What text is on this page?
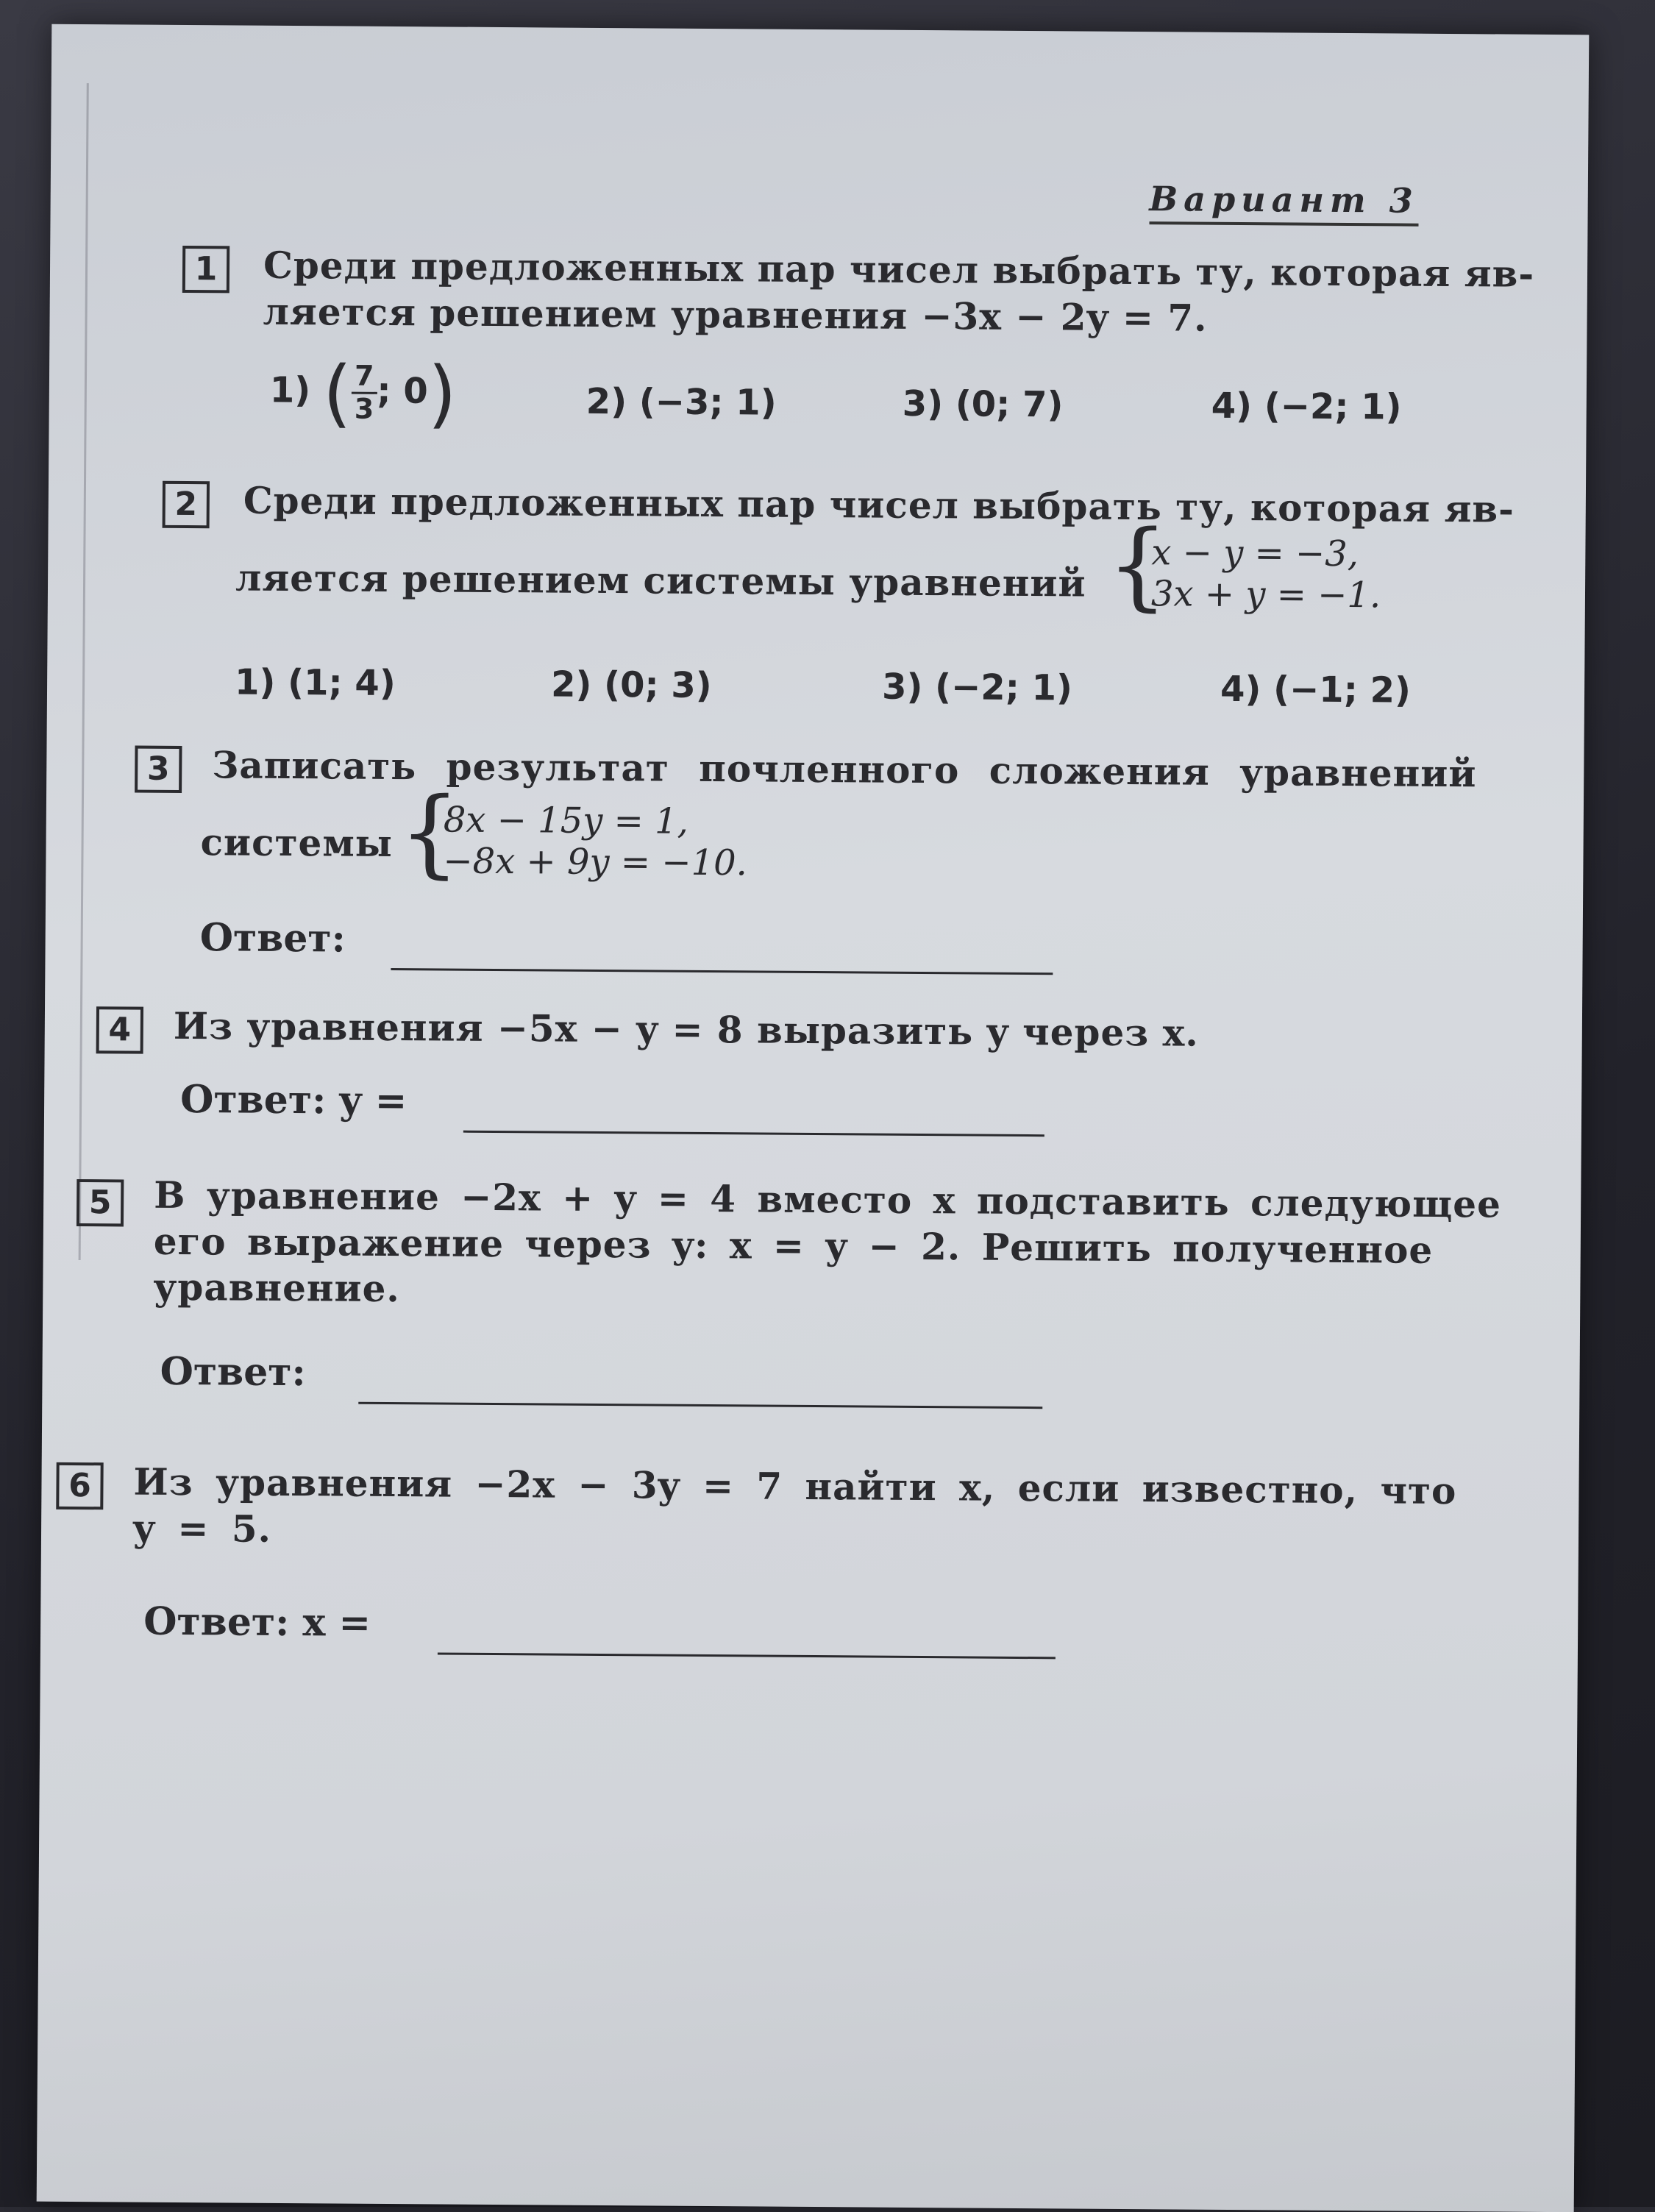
Вариант 3
1	Среди предложенных пар чисел выбрать ту, которая яв-
ляется решением уравнения −3x − 2y = 7.
1) ( $\frac{7}{3}$ ; 0)	2) (−3; 1)	3) (0; 7)	4) (−2; 1)
2	Среди предложенных пар чисел выбрать ту, которая яв-
ляется решением системы уравнений {
x − y = −3,
3x + y = −1.
1) (1; 4)	2) (0; 3)	3) (−2; 1)	4) (−1; 2)
3	Записать результат почленного сложения уравнений
системы {
8x − 15y = 1,
−8x + 9y = −10.
Ответ:
4	Из уравнения −5x − y = 8 выразить y через x.
Ответ: y =
5	В уравнение −2x + y = 4 вместо x подставить следующее
его выражение через y: x = y − 2. Решить полученное
уравнение.
Ответ:
6	Из уравнения −2x − 3y = 7 найти x, если известно, что
y = 5.
Ответ: x =
